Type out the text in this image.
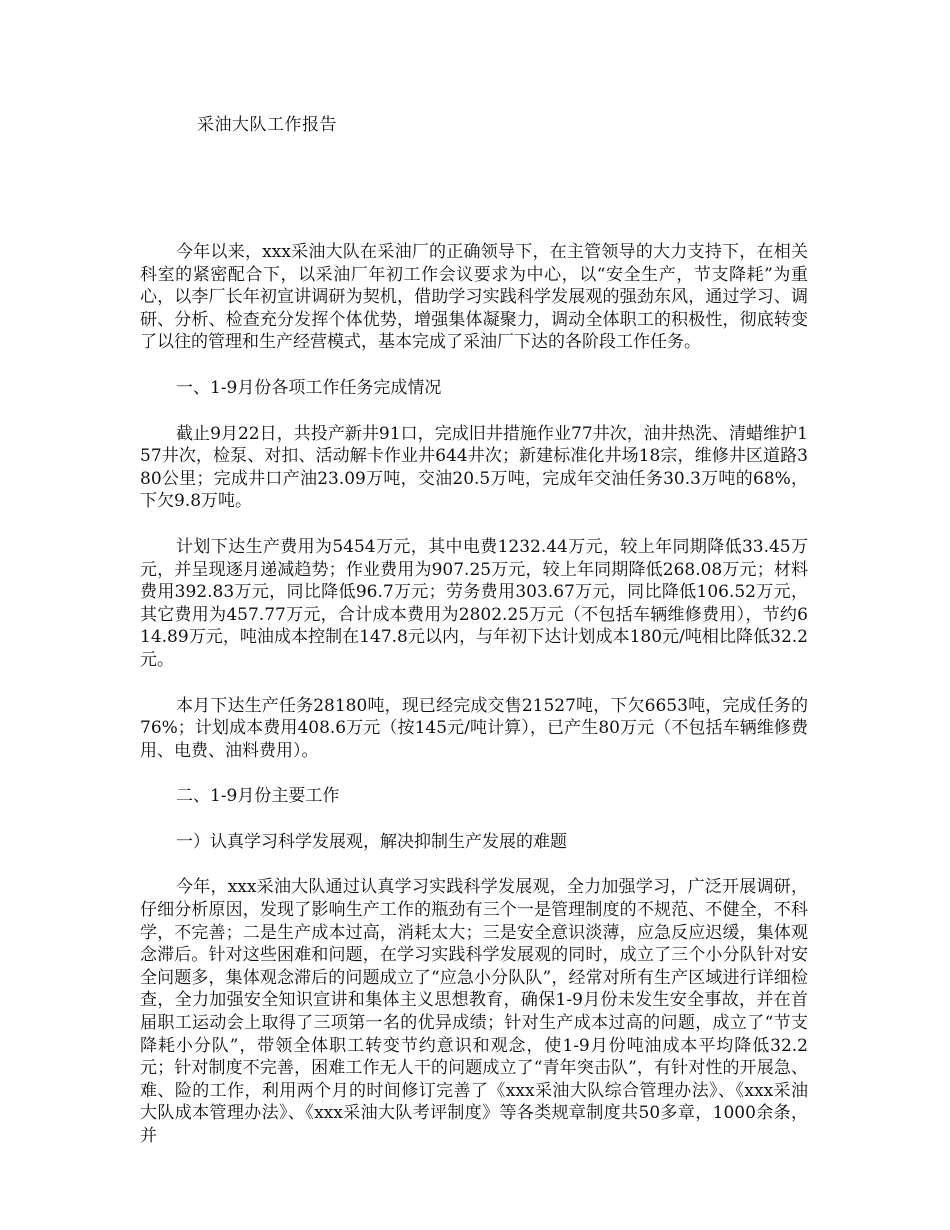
采油大队工作报告

今年以来，xxx采油大队在采油厂的正确领导下，在主管领导的大力支持下，在相关科室的紧密配合下，以采油厂年初工作会议要求为中心，以“安全生产，节支降耗”为重心，以李厂长年初宣讲调研为契机，借助学习实践科学发展观的强劲东风，通过学习、调研、分析、检查充分发挥个体优势，增强集体凝聚力，调动全体职工的积极性，彻底转变了以往的管理和生产经营模式，基本完成了采油厂下达的各阶段工作任务。

一、1-9月份各项工作任务完成情况

截止9月22日，共投产新井91口，完成旧井措施作业77井次，油井热洗、清蜡维护157井次，检泵、对扣、活动解卡作业井644井次；新建标准化井场18宗，维修井区道路380公里；完成井口产油23.09万吨，交油20.5万吨，完成年交油任务30.3万吨的68%，下欠9.8万吨。

计划下达生产费用为5454万元，其中电费1232.44万元，较上年同期降低33.45万元，并呈现逐月递减趋势；作业费用为907.25万元，较上年同期降低268.08万元；材料费用392.83万元，同比降低96.7万元；劳务费用303.67万元，同比降低106.52万元，其它费用为457.77万元，合计成本费用为2802.25万元（不包括车辆维修费用），节约614.89万元，吨油成本控制在147.8元以内，与年初下达计划成本180元/吨相比降低32.2元。

本月下达生产任务28180吨，现已经完成交售21527吨，下欠6653吨，完成任务的76%；计划成本费用408.6万元（按145元/吨计算），已产生80万元（不包括车辆维修费用、电费、油料费用）。

二、1-9月份主要工作

一）认真学习科学发展观，解决抑制生产发展的难题

今年，xxx采油大队通过认真学习实践科学发展观，全力加强学习，广泛开展调研，仔细分析原因，发现了影响生产工作的瓶劲有三个一是管理制度的不规范、不健全，不科学，不完善；二是生产成本过高，消耗太大；三是安全意识淡薄，应急反应迟缓，集体观念滞后。针对这些困难和问题，在学习实践科学发展观的同时，成立了三个小分队针对安全问题多，集体观念滞后的问题成立了“应急小分队队”，经常对所有生产区域进行详细检查，全力加强安全知识宣讲和集体主义思想教育，确保1-9月份未发生安全事故，并在首届职工运动会上取得了三项第一名的优异成绩；针对生产成本过高的问题，成立了“节支降耗小分队”，带领全体职工转变节约意识和观念，使1-9月份吨油成本平均降低32.2元；针对制度不完善，困难工作无人干的问题成立了“青年突击队”，有针对性的开展急、难、险的工作，利用两个月的时间修订完善了《xxx采油大队综合管理办法》、《xxx采油大队成本管理办法》、《xxx采油大队考评制度》等各类规章制度共50多章，1000余条，并
